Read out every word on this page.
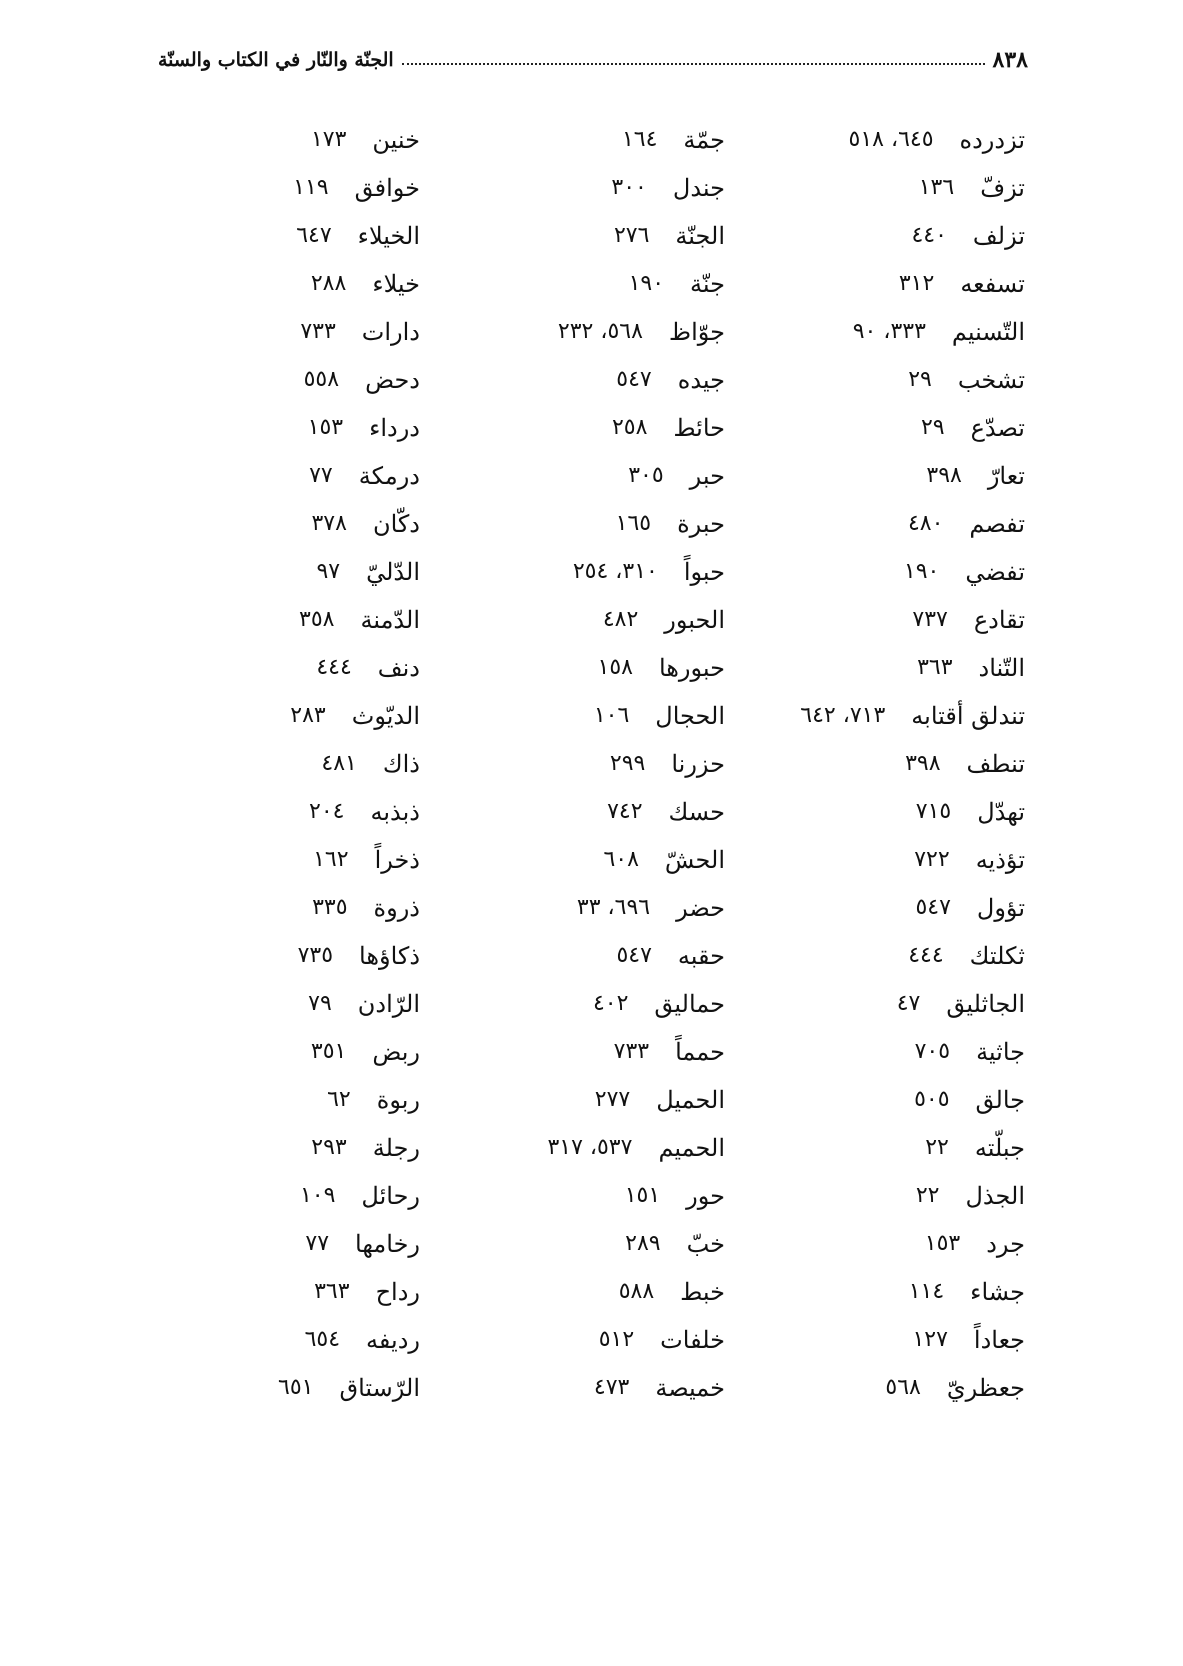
الجنّة والنّار في الكتاب والسنّة	٨٣٨
تزدرده
٦٤٥، ٥١٨
تزفّ
١٣٦
تزلف
٤٤٠
تسفعه
٣١٢
التّسنيم
٣٣٣، ٩٠
تشخب
٢٩
تصدّع
٢٩
تعارّ
٣٩٨
تفصم
٤٨٠
تفضي
١٩٠
تقادع
٧٣٧
التّناد
٣٦٣
تندلق أقتابه
٧١٣، ٦٤٢
تنطف
٣٩٨
تهدّل
٧١٥
تؤذيه
٧٢٢
تؤول
٥٤٧
ثكلتك
٤٤٤
الجاثليق
٤٧
جاثية
٧٠٥
جالق
٥٠٥
جبلّته
٢٢
الجذل
٢٢
جرد
١٥٣
جشاء
١١٤
جعاداً
١٢٧
جعظريّ
٥٦٨
جمّة
١٦٤
جندل
٣٠٠
الجنّة
٢٧٦
جنّة
١٩٠
جوّاظ
٥٦٨، ٢٣٢
جيده
٥٤٧
حائط
٢٥٨
حبر
٣٠٥
حبرة
١٦٥
حبواً
٣١٠، ٢٥٤
الحبور
٤٨٢
حبورها
١٥٨
الحجال
١٠٦
حزرنا
٢٩٩
حسك
٧٤٢
الحشّ
٦٠٨
حضر
٦٩٦، ٣٣
حقبه
٥٤٧
حماليق
٤٠٢
حمماً
٧٣٣
الحميل
٢٧٧
الحميم
٥٣٧، ٣١٧
حور
١٥١
خبّ
٢٨٩
خبط
٥٨٨
خلفات
٥١٢
خميصة
٤٧٣
خنين
١٧٣
خوافق
١١٩
الخيلاء
٦٤٧
خيلاء
٢٨٨
دارات
٧٣٣
دحض
٥٥٨
درداء
١٥٣
درمكة
٧٧
دكّان
٣٧٨
الدّليّ
٩٧
الدّمنة
٣٥٨
دنف
٤٤٤
الديّوث
٢٨٣
ذاك
٤٨١
ذبذبه
٢٠٤
ذخراً
١٦٢
ذروة
٣٣٥
ذكاؤها
٧٣٥
الرّادن
٧٩
ربض
٣٥١
ربوة
٦٢
رجلة
٢٩٣
رحائل
١٠٩
رخامها
٧٧
رداح
٣٦٣
رديفه
٦٥٤
الرّستاق
٦٥١
